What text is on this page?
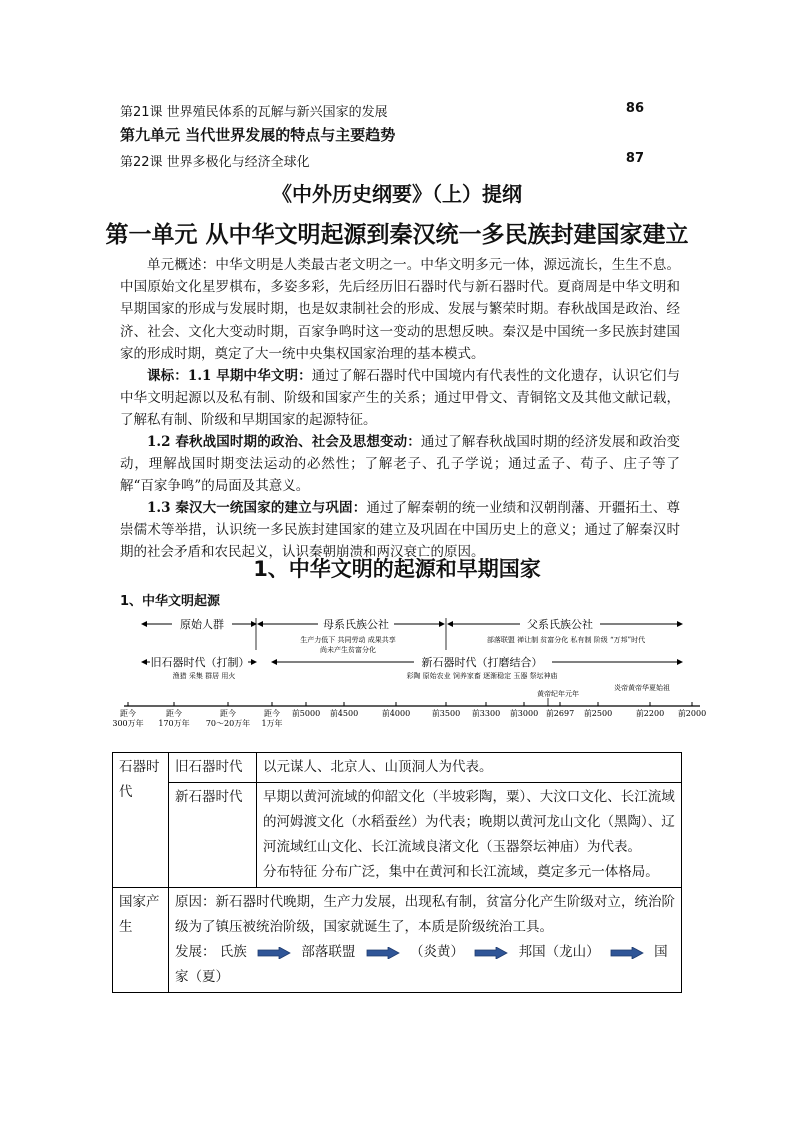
第21课 世界殖民体系的瓦解与新兴国家的发展	86
第九单元 当代世界发展的特点与主要趋势
第22课 世界多极化与经济全球化	87
《中外历史纲要》（上）提纲
第一单元 从中华文明起源到秦汉统一多民族封建国家建立
单元概述：中华文明是人类最古老文明之一。中华文明多元一体，源远流长，生生不息。中国原始文化星罗棋布，多姿多彩，先后经历旧石器时代与新石器时代。夏商周是中华文明和早期国家的形成与发展时期，也是奴隶制社会的形成、发展与繁荣时期。春秋战国是政治、经济、社会、文化大变动时期，百家争鸣时这一变动的思想反映。秦汉是中国统一多民族封建国家的形成时期，奠定了大一统中央集权国家治理的基本模式。
课标：1.1 早期中华文明：通过了解石器时代中国境内有代表性的文化遗存，认识它们与中华文明起源以及私有制、阶级和国家产生的关系；通过甲骨文、青铜铭文及其他文献记载，了解私有制、阶级和早期国家的起源特征。
1.2 春秋战国时期的政治、社会及思想变动：通过了解春秋战国时期的经济发展和政治变动，理解战国时期变法运动的必然性；了解老子、孔子学说；通过孟子、荀子、庄子等了解“百家争鸣”的局面及其意义。
1.3 秦汉大一统国家的建立与巩固：通过了解秦朝的统一业绩和汉朝削藩、开疆拓土、尊崇儒术等举措，认识统一多民族封建国家的建立及巩固在中国历史上的意义；通过了解秦汉时期的社会矛盾和农民起义，认识秦朝崩溃和两汉衰亡的原因。
1、中华文明的起源和早期国家
1、中华文明起源
原始人群	母系氏族公社
生产力低下 共同劳动 成果共享
尚未产生贫富分化
父系氏族公社
部落联盟 禅让制 贫富分化 私有制 阶级 “万邦”时代
旧石器时代（打制）
渔猎 采集 群居 用火
新石器时代（打磨结合）
彩陶 原始农业 饲养家畜 逐渐稳定 玉器 祭坛神庙
黄帝纪年元年
炎帝黄帝华夏始祖
距今
300万年
距今
170万年
距今
70～20万年
距今
1万年
前5000 前4500	前4000	前3500 前3300 前3000 前2697 前2500	前2200 前2000
石器时代	旧石器时代	以元谋人、北京人、山顶洞人为代表。
	新石器时代	早期以黄河流域的仰韶文化（半坡彩陶，粟）、大汶口文化、长江流域的河姆渡文化（水稻蚕丝）为代表；晚期以黄河龙山文化（黑陶）、辽河流域红山文化、长江流域良渚文化（玉器祭坛神庙）为代表。
分布特征 分布广泛，集中在黄河和长江流域，奠定多元一体格局。

国家产生	原因：新石器时代晚期，生产力发展，出现私有制，贫富分化产生阶级对立，统治阶级为了镇压被统治阶级，国家就诞生了，本质是阶级统治工具。
发展： 氏族 部落联盟 （炎黄） 邦国（龙山） 国家（夏）	
